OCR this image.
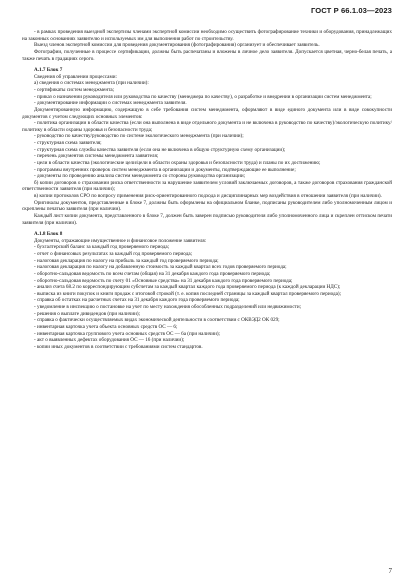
ГОСТ Р 66.1.03—2023
- в рамках проведения выездной экспертизы членами экспертной комиссии необходимо осуществить фотографирование техники и оборудования, принадлежащих на законных основаниях заявителю и используемых им для выполнения работ по строительству.
Выезд членов экспертной комиссии для проведения документирования (фотографирования) организует и обеспечивает заявитель.
Фотографии, полученные в процессе сертификации, должны быть распечатаны и вложены в личное дело заявителя. Допускается цветная, черно-белая печать, а также печать в градациях серого.
А.1.7 Блок 7
Сведения об управлении процессами:
а) сведения о системах менеджмента (при наличии):
- сертификаты систем менеджмента;
- приказ о назначении руководителя или руководства по качеству (менеджера по качеству), о разработке и внедрении в организации систем менеджмента;
- документирование информации о системах менеджмента заявителя.
Документированную информацию, содержащую в себе требования систем менеджмента, оформляют в виде единого документа или в виде совокупности документов с учетом следующих основных элементов:
- политика организации в области качества (если она выполнена в виде отдельного документа и не включена в руководство по качеству)/экологическую политику/политику в области охраны здоровья и безопасности труда;
- руководство по качеству/руководство по системе экологического менеджмента (при наличии);
- структурная схема заявителя;
- структурная схема службы качества заявителя (если она не включена в общую структурную схему организации);
- перечень документов системы менеджмента заявителя;
- цели в области качества (экологические цели/цели в области охраны здоровья и безопасности труда) и планы по их достижению;
- программы внутренних проверок систем менеджмента в организации и документы, подтверждающие ее выполнение;
- документы по проведению анализа систем менеджмента со стороны руководства организации;
б) копии договоров о страховании риска ответственности за нарушение заявителем условий заключаемых договоров, а также договоров страхования гражданской ответственности заявителя (при наличии);
в) копии протоколов СРО по вопросу применения риск-ориентированного подхода и дисциплинарных мер воздействия в отношении заявителя (при наличии).
Оригиналы документов, представленные в блоке 7, должны быть оформлены на официальном бланке, подписаны руководителем либо уполномоченным лицом и скреплены печатью заявителя (при наличии).
Каждый лист копии документа, представленного в блоке 7, должен быть заверен подписью руководителя либо уполномоченного лица и скреплен оттиском печати заявителя (при наличии).
А.1.8 Блок 8
Документы, отражающие имущественное и финансовое положение заявителя:
- бухгалтерский баланс за каждый год проверяемого периода;
- отчет о финансовых результатах за каждый год проверяемого периода;
- налоговая декларация по налогу на прибыль за каждый год проверяемого периода;
- налоговая декларация по налогу на добавленную стоимость за каждый квартал всех годов проверяемого периода;
- оборотно-сальдовая ведомость по всем счетам (общая) на 31 декабря каждого года проверяемого периода;
- оборотно-сальдовая ведомость по счету 01 «Основные средства» на 31 декабря каждого года проверяемого периода;
- анализ счета 68.2 по корреспондирующим субсчетам за каждый квартал каждого года проверяемого периода (к каждой декларации НДС);
- выписка из книги покупок и книги продаж с итоговой строкой (т. е. копия последней страницы за каждый квартал проверяемого периода);
- справка об остатках на расчетных счетах на 31 декабря каждого года проверяемого периода;
- уведомление в инспекцию о постановке на учет по месту нахождения обособленных подразделений или недвижимости;
- решения о выплате дивидендов (при наличии);
- справка о фактически осуществляемых видах экономической деятельности в соответствии с ОКВЭД2 ОК 029;
- инвентарная карточка учета объекта основных средств ОС — 6;
- инвентарная карточка группового учета основных средств ОС — 6а (при наличии);
- акт о выявленных дефектах оборудования ОС — 16 (при наличии);
- копии иных документов в соответствии с требованиями систем стандартов.
7
